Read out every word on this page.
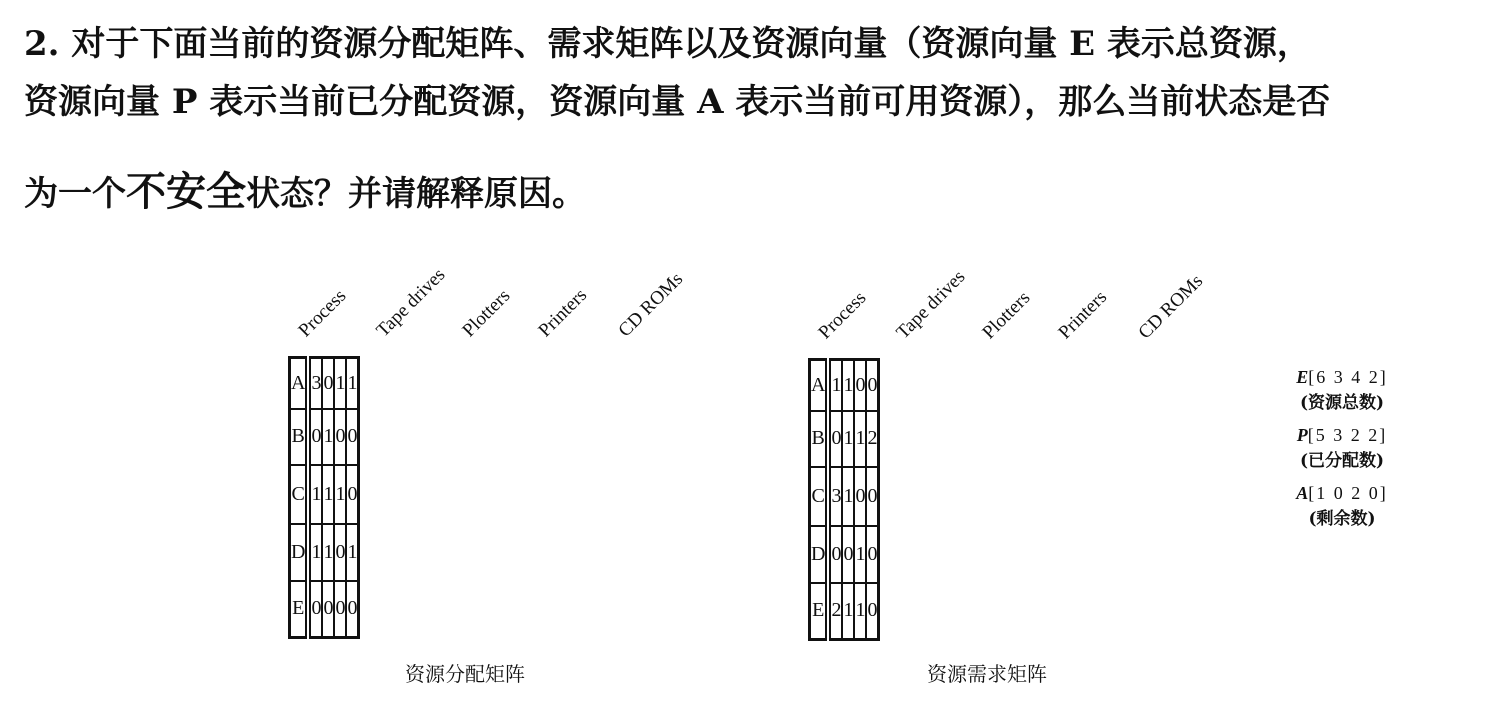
2. 对于下面当前的资源分配矩阵、需求矩阵以及资源向量（资源向量 E 表示总资源，
资源向量 P 表示当前已分配资源，资源向量 A 表示当前可用资源），那么当前状态是否
为一个不安全状态？并请解释原因。
Process Tape drives Plotters Printers CD ROMs
A	3	0	1	1
B	0	1	0	0
C	1	1	1	0
D	1	1	0	1
E	0	0	0	0
资源分配矩阵
Process Tape drives Plotters Printers CD ROMs
A	1	1	0	0
B	0	1	1	2
C	3	1	0	0
D	0	0	1	0
E	2	1	1	0
资源需求矩阵
E[6 3 4 2]
(资源总数)
P[5 3 2 2]
(已分配数)
A[1 0 2 0]
(剩余数)
